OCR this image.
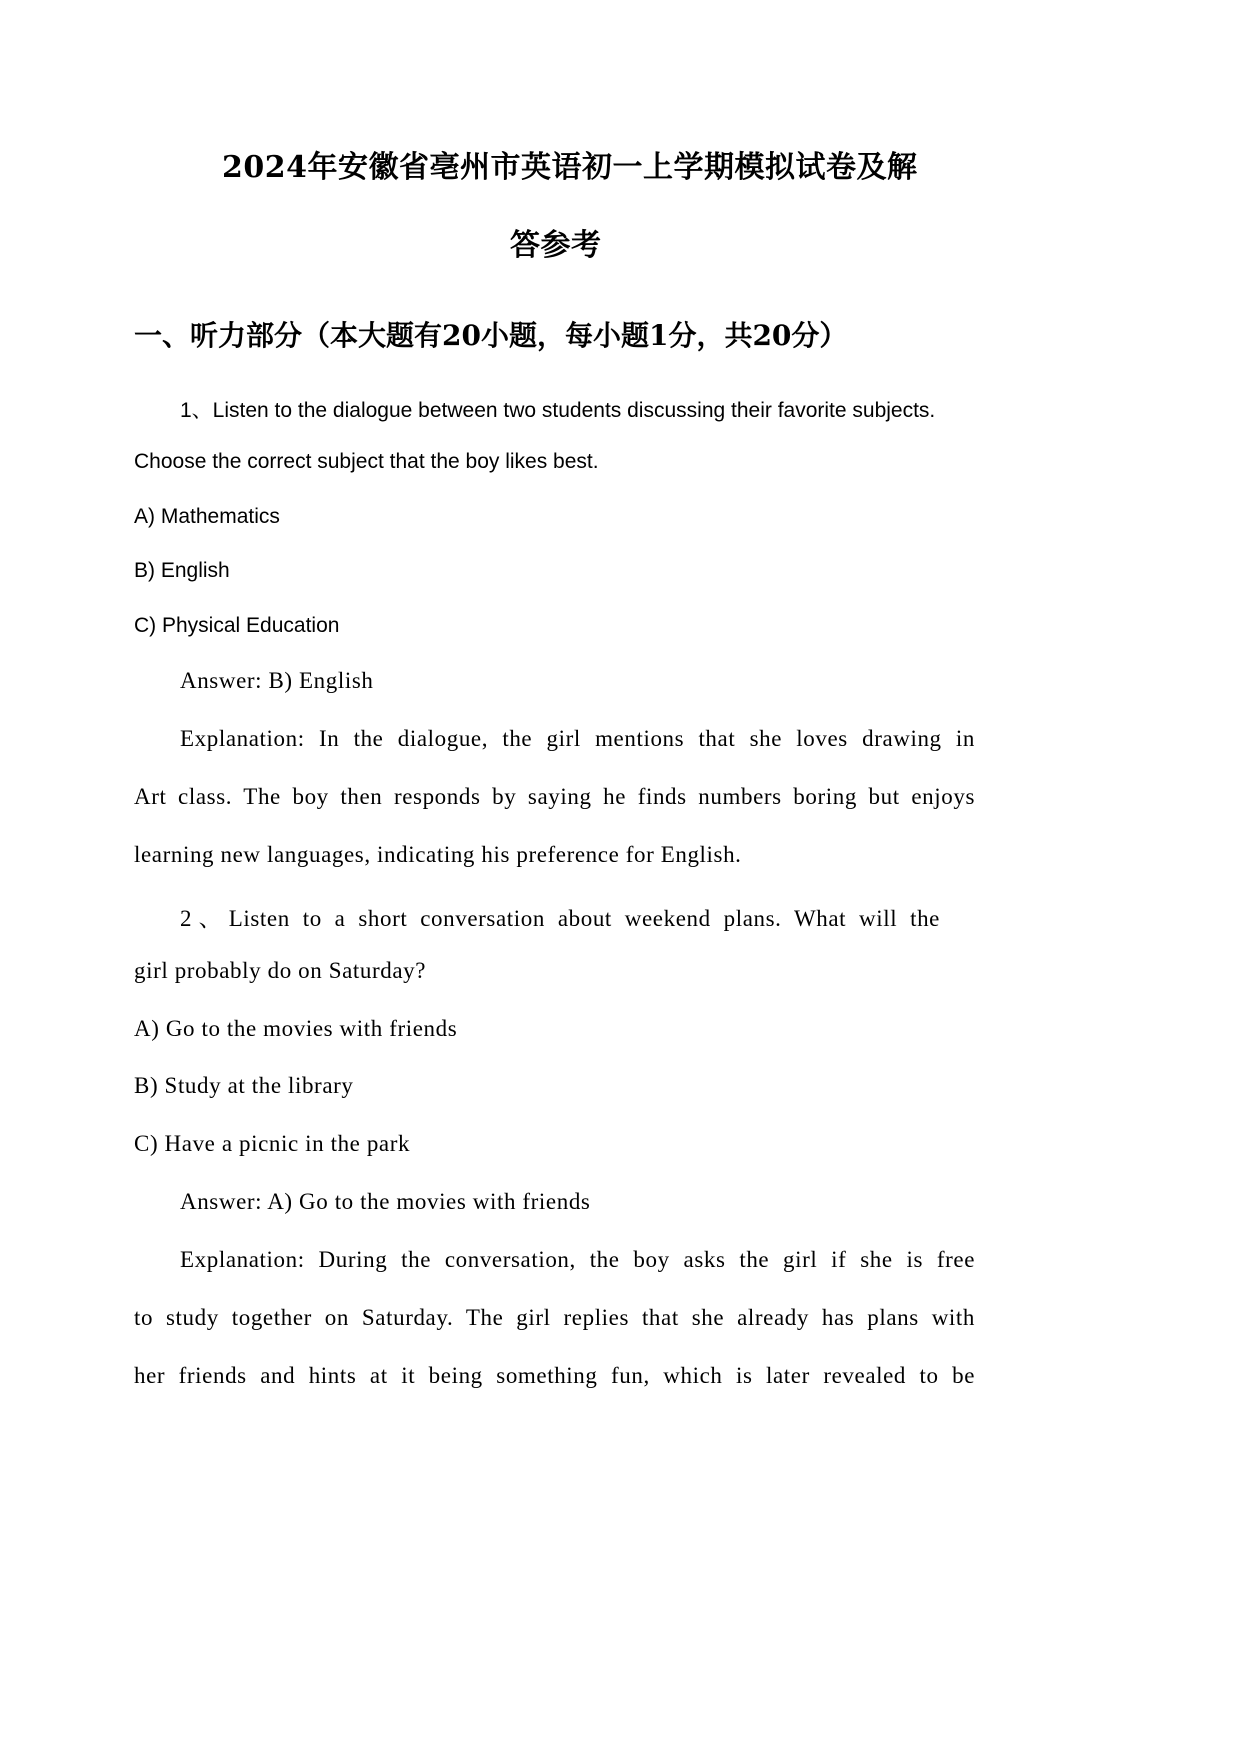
2024年安徽省亳州市英语初一上学期模拟试卷及解
答参考
一、听力部分（本大题有20小题，每小题1分，共20分）
1、Listen to the dialogue between two students discussing their favorite subjects.
Choose the correct subject that the boy likes best.
A) Mathematics
B) English
C) Physical Education
Answer: B) English
Explanation: In the dialogue, the girl mentions that she loves drawing in
Art class. The boy then responds by saying he finds numbers boring but enjoys
learning new languages, indicating his preference for English.
2、Listen to a short conversation about weekend plans. What will the
girl probably do on Saturday?
A) Go to the movies with friends
B) Study at the library
C) Have a picnic in the park
Answer: A) Go to the movies with friends
Explanation: During the conversation, the boy asks the girl if she is free
to study together on Saturday. The girl replies that she already has plans with
her friends and hints at it being something fun, which is later revealed to be
